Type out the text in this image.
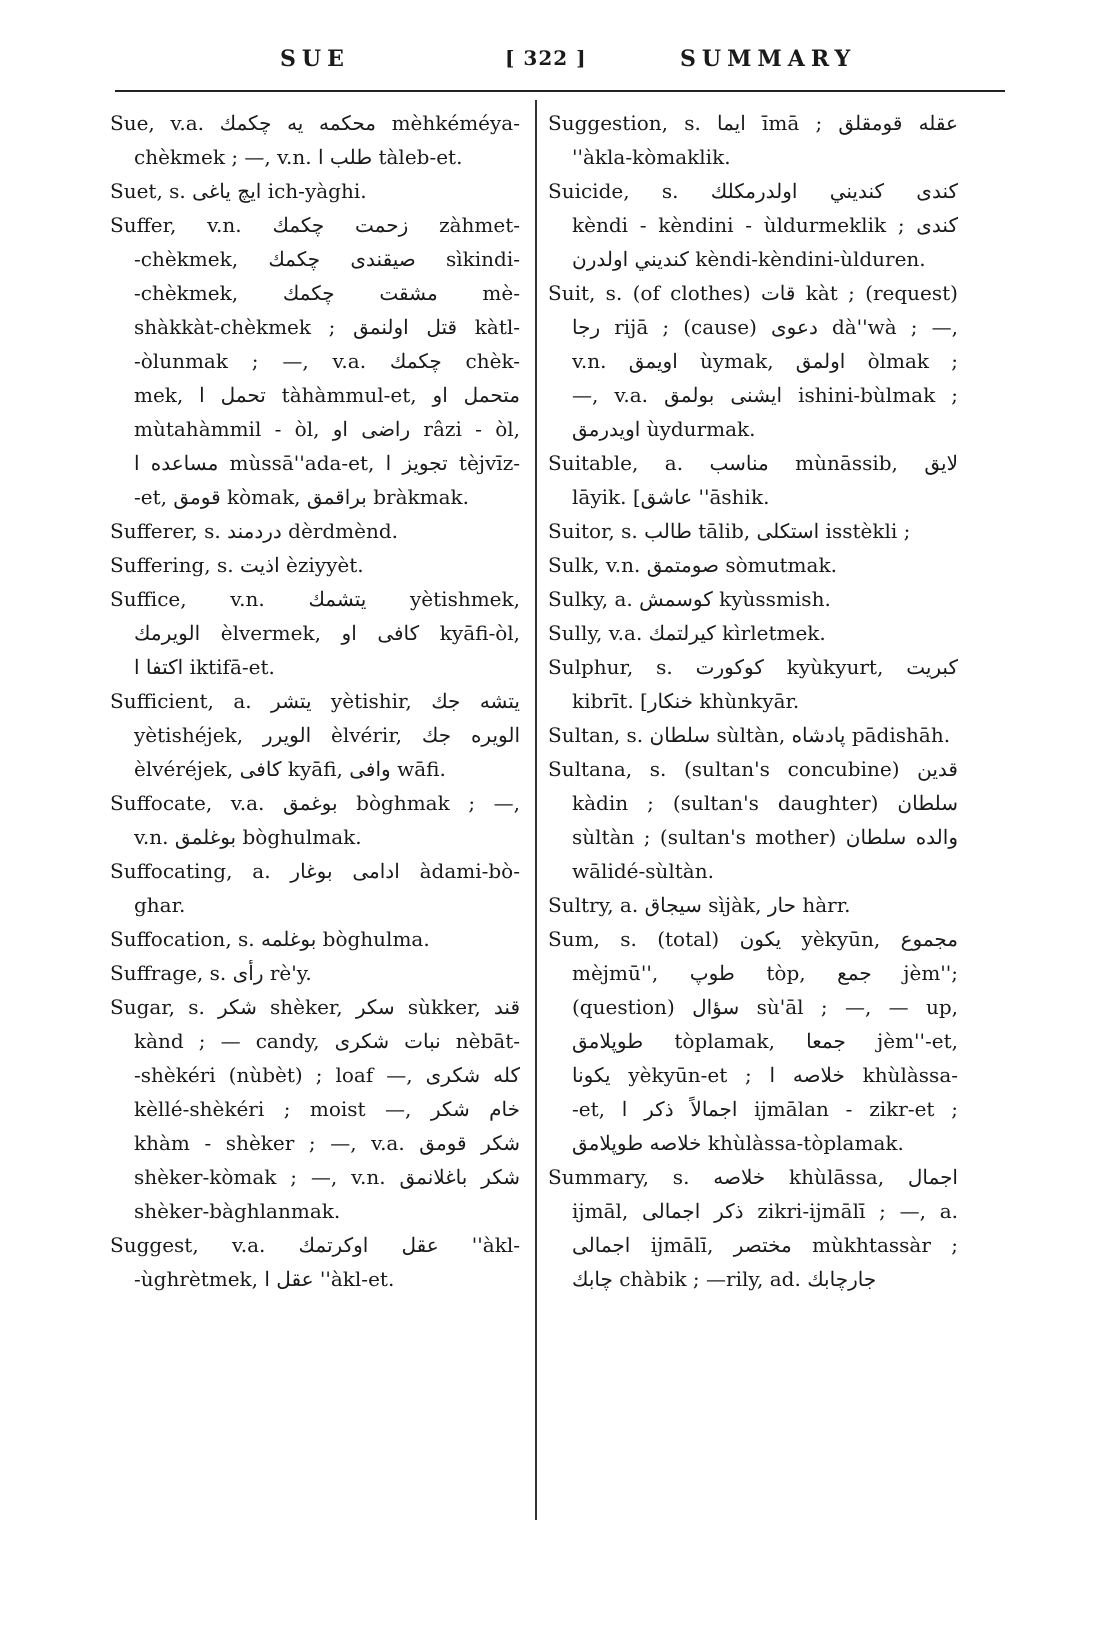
SUE	[ 322 ]	SUMMARY
Sue, v.a. محكمه يه چكمك mèhkéméya-
chèkmek ; —, v.n. طلب ا tàleb-et.
Suet, s. ايچ ياغى ich-yàghi.
Suffer, v.n. زحمت چكمك zàhmet-
-chèkmek, صيقندى چكمك sìkindi-
-chèkmek, مشقت چكمك mè-
shàkkàt-chèkmek ; قتل اولنمق kàtl-
-òlunmak ; —, v.a. چكمك chèk-
mek, تحمل ا tàhàmmul-et, متحمل او
mùtahàmmil - òl, راضى او râzi - òl,
مساعده ا mùssā''ada-et, تجويز ا tèjvīz-
-et, قومق kòmak, براقمق bràkmak.
Sufferer, s. دردمند dèrdmènd.
Suffering, s. اذيت èziyyèt.
Suffice, v.n. يتشمك yètishmek,
الويرمك èlvermek, كافى او kyāfi-òl,
اكتفا ا iktifā-et.
Sufficient, a. يتشر yètishir, يتشه جك
yètishéjek, الويرر èlvérir, الويره جك
èlvéréjek, كافى kyāfi, وافى wāfi.
Suffocate, v.a. بوغمق bòghmak ; —,
v.n. بوغلمق bòghulmak.
Suffocating, a. ادامى بوغار àdami-bò-
ghar.
Suffocation, s. بوغلمه bòghulma.
Suffrage, s. رأى rè'y.
Sugar, s. شكر shèker, سكر sùkker, قند
kànd ; — candy, نبات شكرى nèbāt-
-shèkéri (nùbèt) ; loaf —, كله شكرى
kèllé-shèkéri ; moist —, خام شكر
khàm - shèker ; —, v.a. شكر قومق
shèker-kòmak ; —, v.n. شكر باغلانمق
shèker-bàghlanmak.
Suggest, v.a. عقل اوكرتمك ''àkl-
-ùghrètmek, عقل ا ''àkl-et.
Suggestion, s. ايما īmā ; عقله قومقلق
''àkla-kòmaklik.
Suicide, s. كندى كنديني اولدرمكلك
kèndi - kèndini - ùldurmeklik ; كندى
كنديني اولدرن kèndi-kèndini-ùlduren.
Suit, s. (of clothes) قات kàt ; (request)
رجا rijā ; (cause) دعوى dà''wà ; —,
v.n. اويمق ùymak, اولمق òlmak ;
—, v.a. ايشنى بولمق ishini-bùlmak ;
اويدرمق ùydurmak.
Suitable, a. مناسب mùnāssib, لايق
lāyik. [عاشق ''āshik.
Suitor, s. طالب tālib, استكلى isstèkli ;
Sulk, v.n. صومتمق sòmutmak.
Sulky, a. كوسمش kyùssmish.
Sully, v.a. كيرلتمك kìrletmek.
Sulphur, s. كوكورت kyùkyurt, كبريت
kibrīt. [خنكار khùnkyār.
Sultan, s. سلطان sùltàn, پادشاه pādishāh.
Sultana, s. (sultan's concubine) قدين
kàdin ; (sultan's daughter) سلطان
sùltàn ; (sultan's mother) والده سلطان
wālidé-sùltàn.
Sultry, a. سيجاق sìjàk, حار hàrr.
Sum, s. (total) يكون yèkyūn, مجموع
mèjmū'', طوپ tòp, جمع jèm'';
(question) سؤال sù'āl ; —, — up,
طوپلامق tòplamak, جمعا jèm''-et,
يكونا yèkyūn-et ; خلاصه ا khùlàssa-
-et, اجمالاً ذكر ا ijmālan - zikr-et ;
خلاصه طوپلامق khùlàssa-tòplamak.
Summary, s. خلاصه khùlāssa, اجمال
ijmāl, ذكر اجمالى zikri-ijmālī ; —, a.
اجمالى ijmālī, مختصر mùkhtassàr ;
چابك chàbik ; —rily, ad. جارچابك
